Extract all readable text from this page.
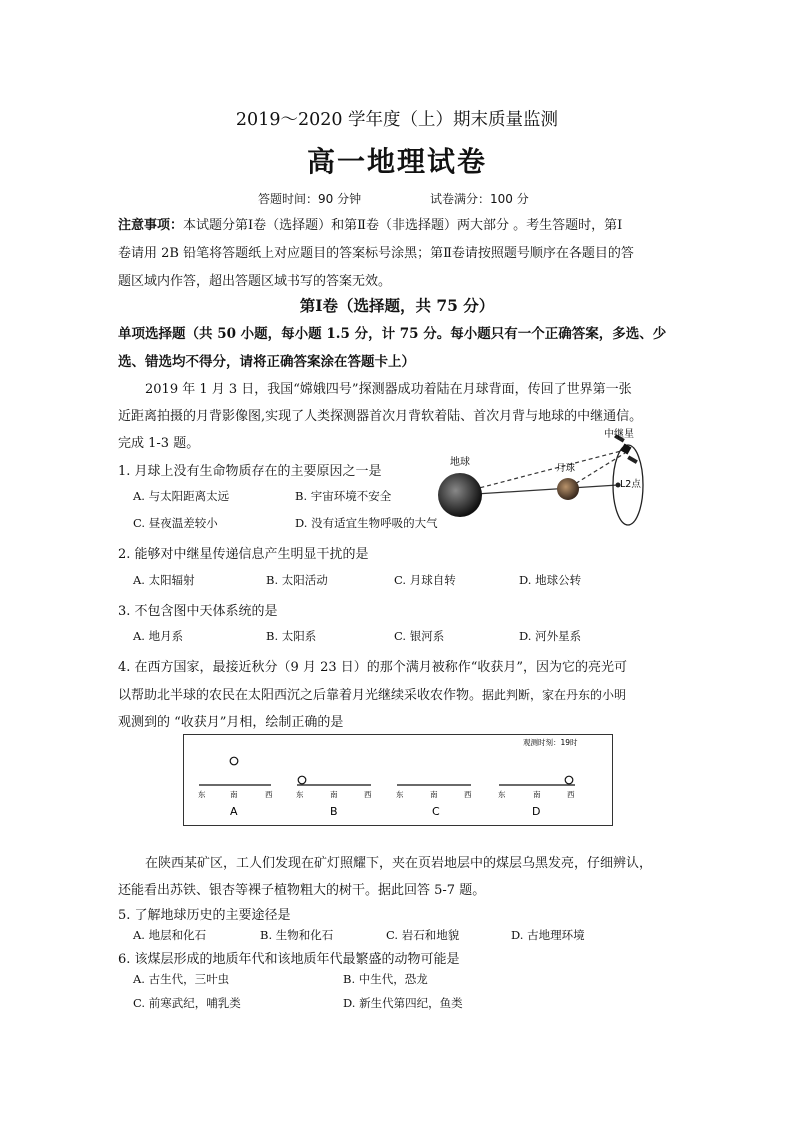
2019～2020 学年度（上）期末质量监测
高一地理试卷
答题时间：90 分钟	试卷满分：100 分
注意事项：本试题分第Ⅰ卷（选择题）和第Ⅱ卷（非选择题）两大部分 。考生答题时，第Ⅰ
卷请用 2B 铅笔将答题纸上对应题目的答案标号涂黑；第Ⅱ卷请按照题号顺序在各题目的答
题区域内作答，超出答题区域书写的答案无效。
第Ⅰ卷（选择题，共 75 分）
单项选择题（共 50 小题，每小题 1.5 分，计 75 分。每小题只有一个正确答案，多选、少
选、错选均不得分，请将正确答案涂在答题卡上）
2019 年 1 月 3 日，我国“嫦娥四号”探测器成功着陆在月球背面，传回了世界第一张
近距离拍摄的月背影像图,实现了人类探测器首次月背软着陆、首次月背与地球的中继通信。
完成 1-3 题。
地球
月球
中继星
L2点
1. 月球上没有生命物质存在的主要原因之一是
A. 与太阳距离太远	B. 宇宙环境不安全
C. 昼夜温差较小	D. 没有适宜生物呼吸的大气
2. 能够对中继星传递信息产生明显干扰的是
A. 太阳辐射	B. 太阳活动	C. 月球自转	D. 地球公转
3. 不包含图中天体系统的是
A. 地月系	B. 太阳系	C. 银河系	D. 河外星系
4. 在西方国家，最接近秋分（9 月 23 日）的那个满月被称作“收获月”，因为它的亮光可
以帮助北半球的农民在太阳西沉之后靠着月光继续采收农作物。据此判断，家在丹东的小明
观测到的 “收获月”月相，绘制正确的是
观测时刻：19时
东	南	西
A
东	南	西
B
东	南	西
C
东	南	西
D
在陕西某矿区，工人们发现在矿灯照耀下，夹在页岩地层中的煤层乌黑发亮，仔细辨认，
还能看出苏铁、银杏等裸子植物粗大的树干。据此回答 5-7 题。
5. 了解地球历史的主要途径是
A. 地层和化石	B. 生物和化石	C. 岩石和地貌	D. 古地理环境
6. 该煤层形成的地质年代和该地质年代最繁盛的动物可能是
A. 古生代，三叶虫	B. 中生代，恐龙
C. 前寒武纪，哺乳类	D. 新生代第四纪，鱼类
